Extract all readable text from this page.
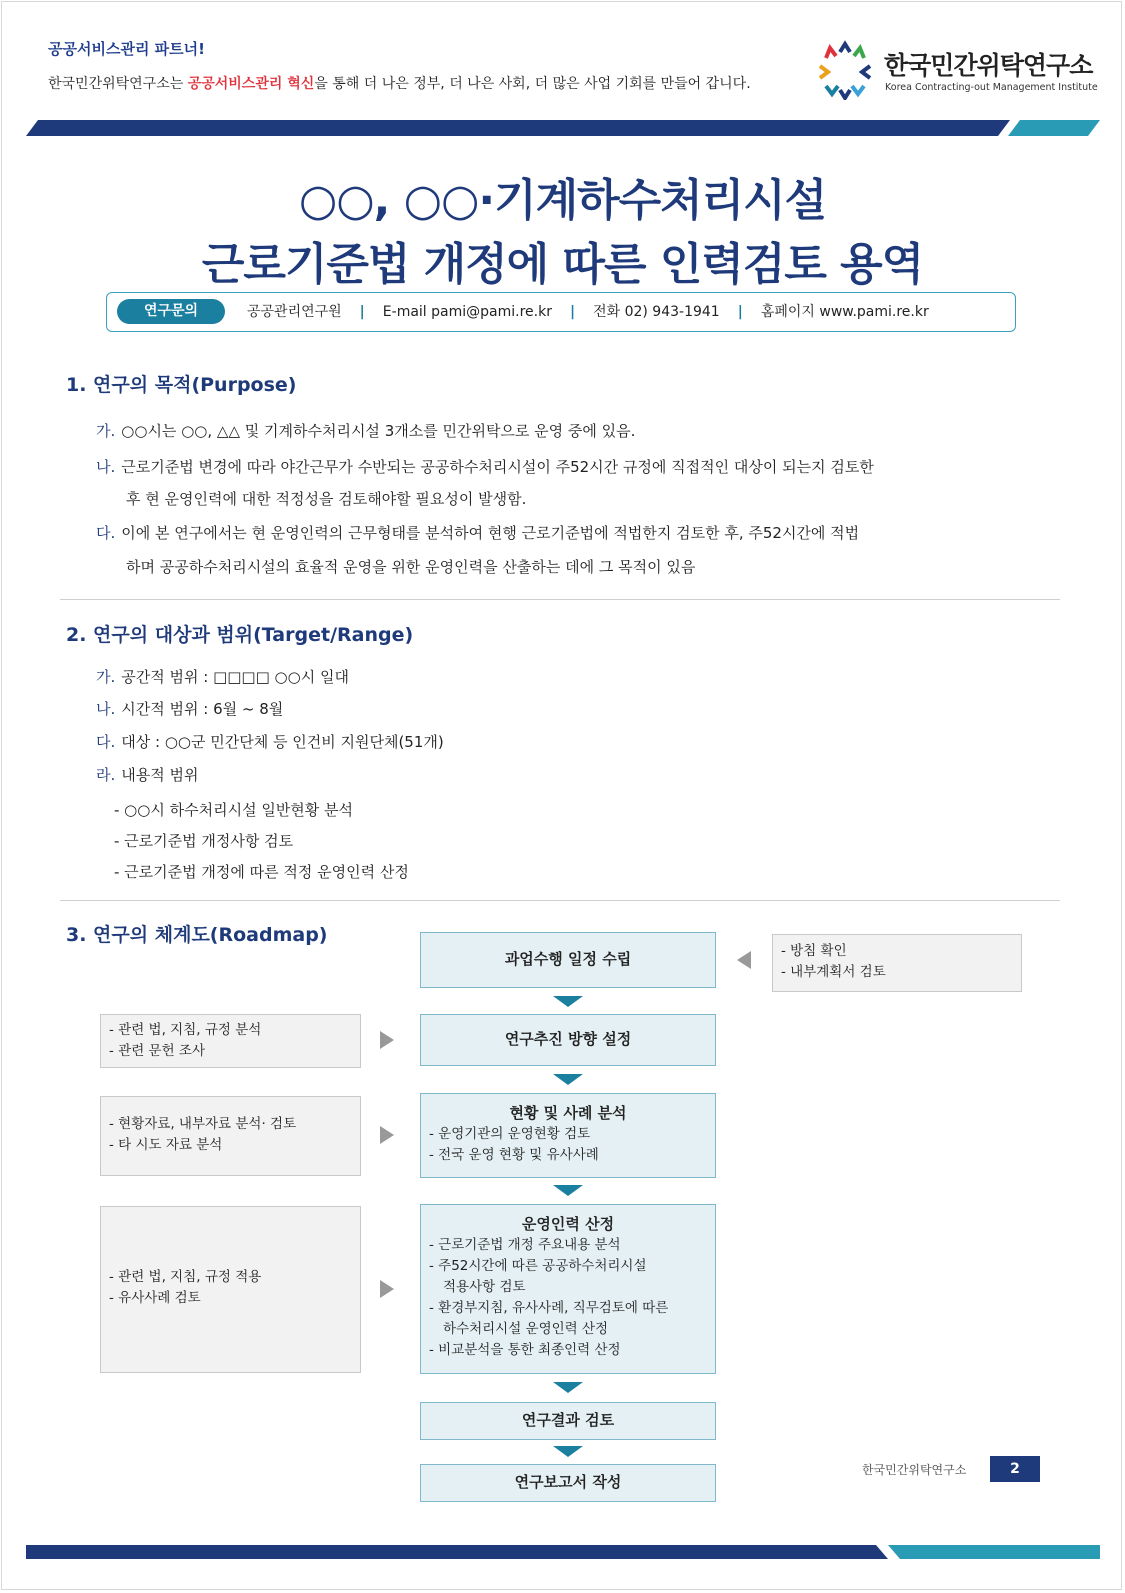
공공서비스관리 파트너!
한국민간위탁연구소는 공공서비스관리 혁신을 통해 더 나은 정부, 더 나은 사회, 더 많은 사업 기회를 만들어 갑니다.
한국민간위탁연구소
Korea Contracting-out Management Institute
○○, ○○·기계하수처리시설
근로기준법 개정에 따른 인력검토 용역
연구문의	공공관리연구원 | E-mail pami@pami.re.kr | 전화 02) 943-1941 | 홈페이지 www.pami.re.kr
1. 연구의 목적(Purpose)
가. ○○시는 ○○, △△ 및 기계하수처리시설 3개소를 민간위탁으로 운영 중에 있음.
나. 근로기준법 변경에 따라 야간근무가 수반되는 공공하수처리시설이 주52시간 규정에 직접적인 대상이 되는지 검토한
후 현 운영인력에 대한 적정성을 검토해야할 필요성이 발생함.
다. 이에 본 연구에서는 현 운영인력의 근무형태를 분석하여 현행 근로기준법에 적법한지 검토한 후, 주52시간에 적법
하며 공공하수처리시설의 효율적 운영을 위한 운영인력을 산출하는 데에 그 목적이 있음
2. 연구의 대상과 범위(Target/Range)
가. 공간적 범위 : □□□□ ○○시 일대
나. 시간적 범위 : 6월 ~ 8월
다. 대상 : ○○군 민간단체 등 인건비 지원단체(51개)
라. 내용적 범위
- ○○시 하수처리시설 일반현황 분석
- 근로기준법 개정사항 검토
- 근로기준법 개정에 따른 적정 운영인력 산정
3. 연구의 체계도(Roadmap)
과업수행 일정 수립
연구추진 방향 설정
현황 및 사례 분석
- 운영기관의 운영현황 검토
- 전국 운영 현황 및 유사사례
운영인력 산정
- 근로기준법 개정 주요내용 분석
- 주52시간에 따른 공공하수처리시설
적용사항 검토
- 환경부지침, 유사사례, 직무검토에 따른
하수처리시설 운영인력 산정
- 비교분석을 통한 최종인력 산정
연구결과 검토
연구보고서 작성
- 방침 확인
- 내부계획서 검토
- 관련 법, 지침, 규정 분석
- 관련 문헌 조사
- 현황자료, 내부자료 분석· 검토
- 타 시도 자료 분석
- 관련 법, 지침, 규정 적용
- 유사사례 검토
한국민간위탁연구소	2
